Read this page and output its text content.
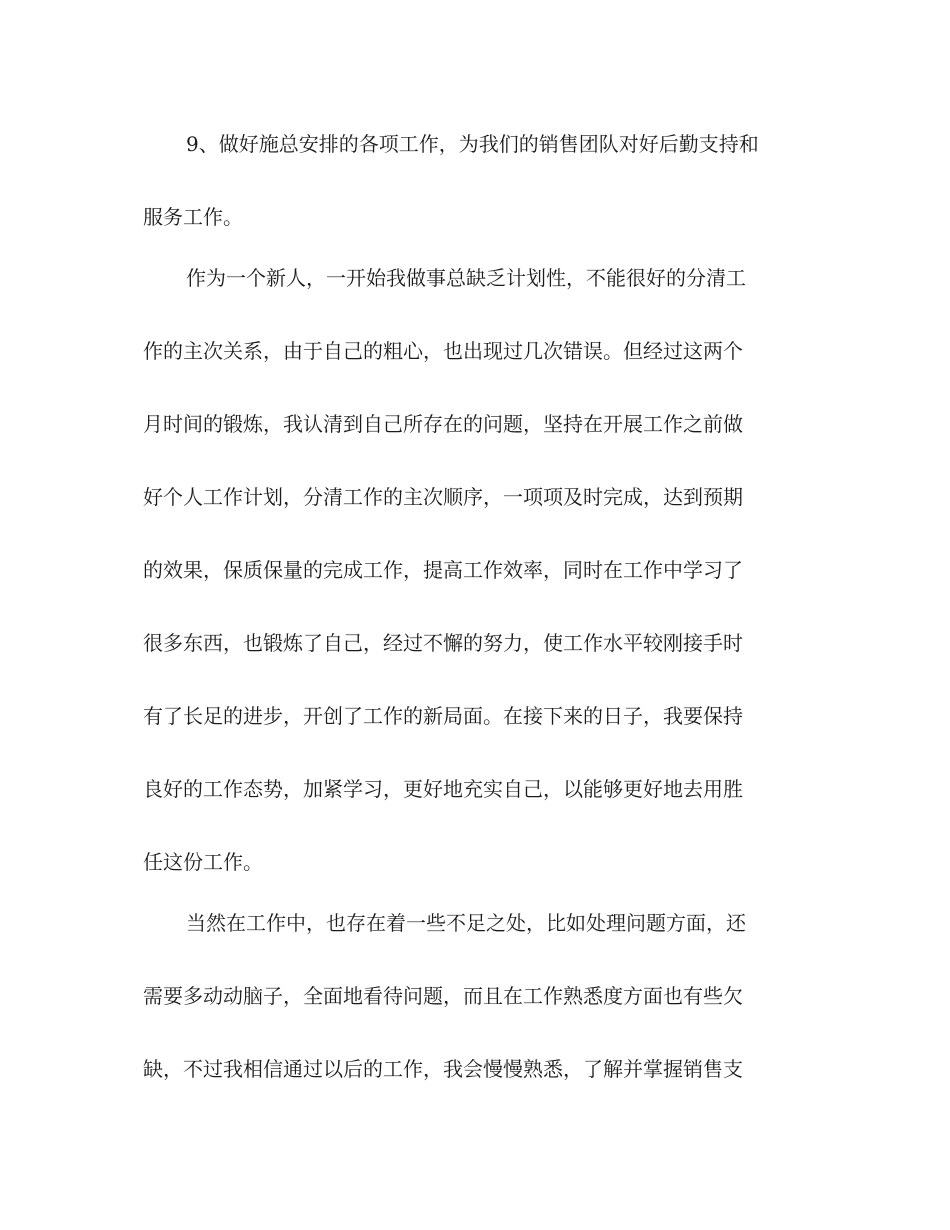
9、做好施总安排的各项工作，为我们的销售团队对好后勤支持和
服务工作。
作为一个新人，一开始我做事总缺乏计划性，不能很好的分清工
作的主次关系，由于自己的粗心，也出现过几次错误。但经过这两个
月时间的锻炼，我认清到自己所存在的问题，坚持在开展工作之前做
好个人工作计划，分清工作的主次顺序，一项项及时完成，达到预期
的效果，保质保量的完成工作，提高工作效率，同时在工作中学习了
很多东西，也锻炼了自己，经过不懈的努力，使工作水平较刚接手时
有了长足的进步，开创了工作的新局面。在接下来的日子，我要保持
良好的工作态势，加紧学习，更好地充实自己，以能够更好地去用胜
任这份工作。
当然在工作中，也存在着一些不足之处，比如处理问题方面，还
需要多动动脑子，全面地看待问题，而且在工作熟悉度方面也有些欠
缺，不过我相信通过以后的工作，我会慢慢熟悉，了解并掌握销售支
